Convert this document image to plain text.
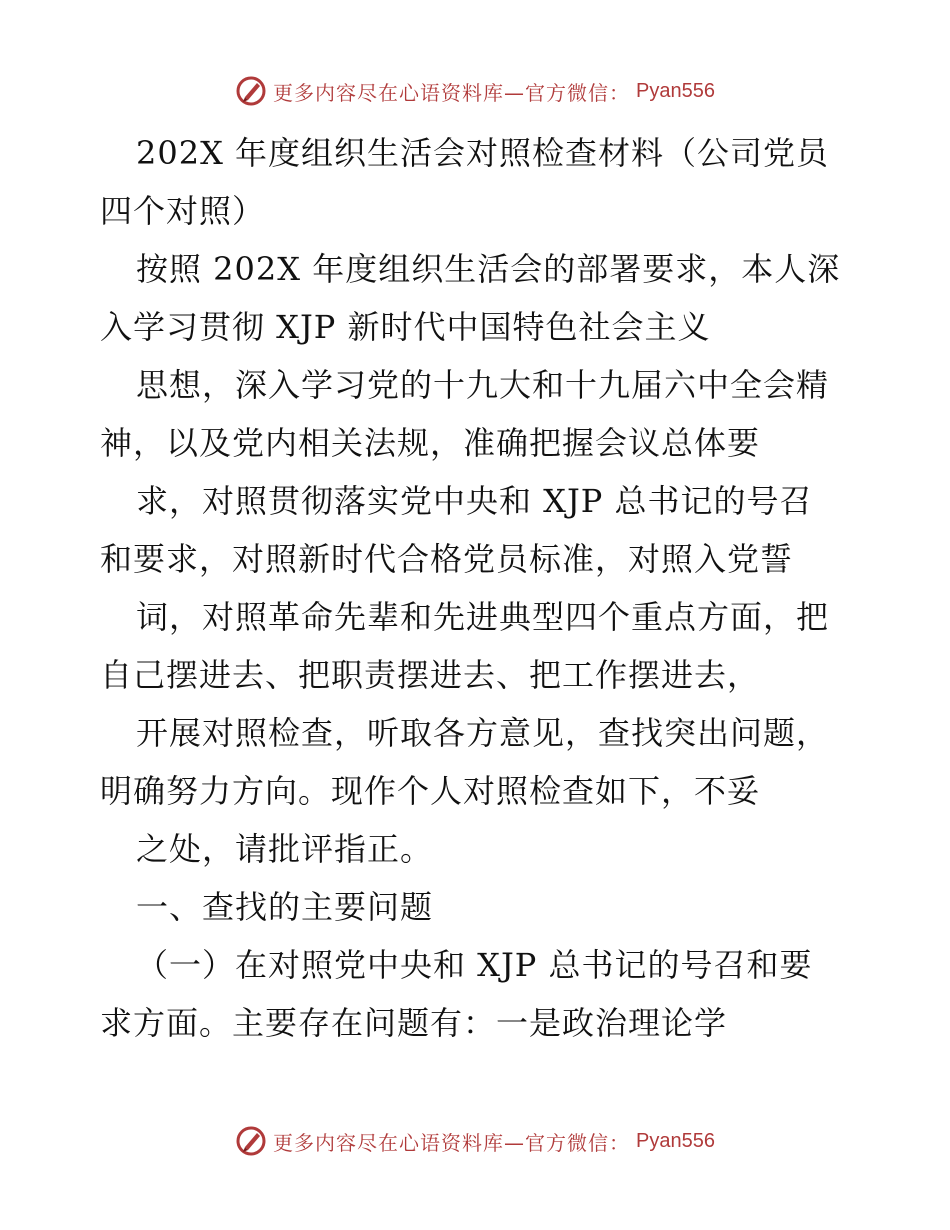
更多内容尽在心语资料库—官方微信： Pyan556
202X 年度组织生活会对照检查材料（公司党员
四个对照）
按照 202X 年度组织生活会的部署要求，本人深
入学习贯彻 XJP 新时代中国特色社会主义
思想，深入学习党的十九大和十九届六中全会精
神，以及党内相关法规，准确把握会议总体要
求，对照贯彻落实党中央和 XJP 总书记的号召
和要求，对照新时代合格党员标准，对照入党誓
词，对照革命先辈和先进典型四个重点方面，把
自己摆进去、把职责摆进去、把工作摆进去，
开展对照检查，听取各方意见，查找突出问题，
明确努力方向。现作个人对照检查如下，不妥
之处，请批评指正。
一、查找的主要问题
（一）在对照党中央和 XJP 总书记的号召和要
求方面。主要存在问题有：一是政治理论学
更多内容尽在心语资料库—官方微信： Pyan556
